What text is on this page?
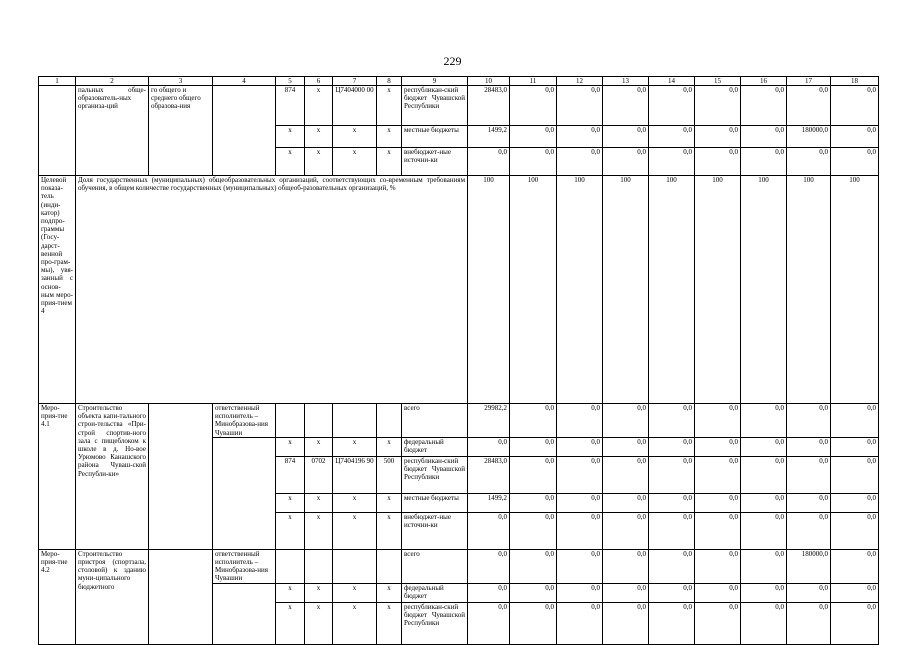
229
1	2	3	4	5	6	7	8	9	10	11	12	13	14	15	16	17	18
	пальных обще-образователь-ных организа-ций	го общего и среднего общего образова-ния		874	x	Ц7404000 00	x	республикан-ский бюджет Чувашской Республики	28483,0	0,0	0,0	0,0	0,0	0,0	0,0	0,0	0,0
				x	x	x	x	местные бюджеты	1499,2	0,0	0,0	0,0	0,0	0,0	0,0	180000,0	0,0
				x	x	x	x	внебюджет-ные источни-ки	0,0	0,0	0,0	0,0	0,0	0,0	0,0	0,0	0,0
Целевой показа-тель (инди-катор) подпро-граммы (Госу-дарст-венной про-грам-мы), увя-занный с основ-ным меро-прия-тием 4	Доля государственных (муниципальных) общеобразовательных организаций, соответствующих со-временным требованиям обучения, в общем количестве государственных (муниципальных) общеоб-разовательных организаций, %								100	100	100	100	100	100	100	100	100
Меро-прия-тие 4.1	Строительство объекта капи-тального строи-тельства «При-строй спортив-ного зала с пищеблоком к школе в д. Но-вое Урюмово Канашского района Чуваш-ской Республи-ки»		ответственный исполнитель – Минобразова-ния Чувашии					всего	29982,2	0,0	0,0	0,0	0,0	0,0	0,0	0,0	0,0
				x	x	x	x	федеральный бюджет	0,0	0,0	0,0	0,0	0,0	0,0	0,0	0,0	0,0
				874	0702	Ц7404196 90	500	республикан-ский бюджет Чувашской Республики	28483,0	0,0	0,0	0,0	0,0	0,0	0,0	0,0	0,0
				x	x	x	x	местные бюджеты	1499,2	0,0	0,0	0,0	0,0	0,0	0,0	0,0	0,0
				x	x	x	x	внебюджет-ные источни-ки	0,0	0,0	0,0	0,0	0,0	0,0	0,0	0,0	0,0
Меро-прия-тие 4.2	Строительство пристроя (спортзала, столовой) к зданию муни-ципального бюджетного		ответственный исполнитель – Минобразова-ния Чувашии					всего	0,0	0,0	0,0	0,0	0,0	0,0	0,0	180000,0	0,0
				x	x	x	x	федеральный бюджет	0,0	0,0	0,0	0,0	0,0	0,0	0,0	0,0	0,0
				x	x	x	x	республикан-ский бюджет Чувашской Республики	0,0	0,0	0,0	0,0	0,0	0,0	0,0	0,0	0,0
